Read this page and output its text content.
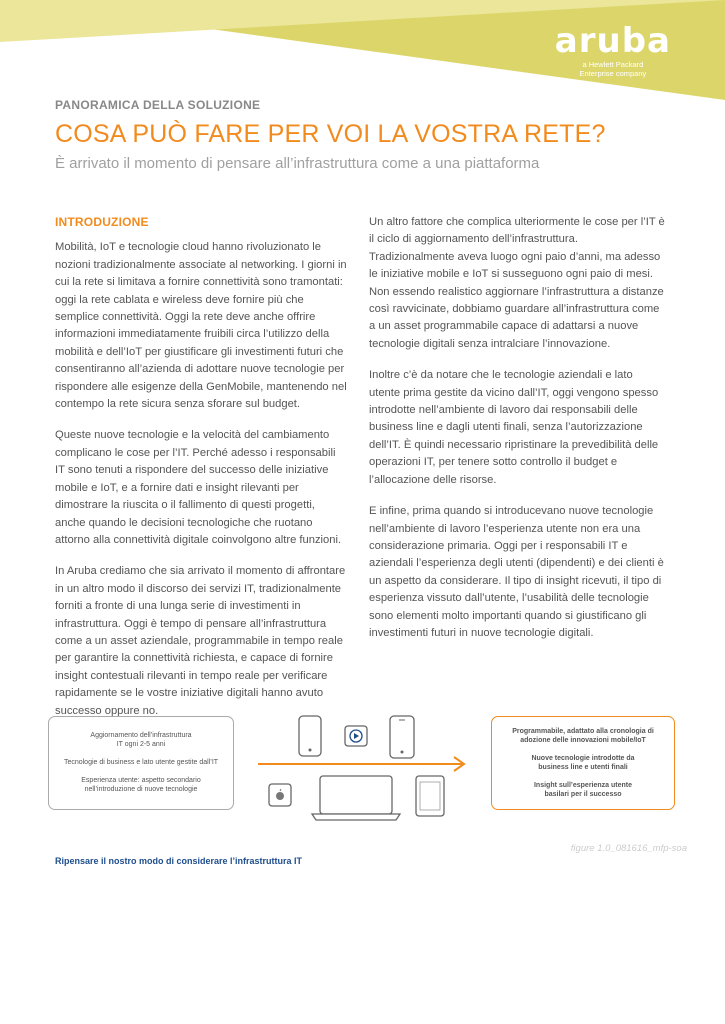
aruba
a Hewlett Packard
Enterprise company
PANORAMICA DELLA SOLUZIONE
COSA PUÒ FARE PER VOI LA VOSTRA RETE?
È arrivato il momento di pensare all’infrastruttura come a una piattaforma
INTRODUZIONE

Mobilità, IoT e tecnologie cloud hanno rivoluzionato le nozioni tradizionalmente associate al networking. I giorni in cui la rete si limitava a fornire connettività sono tramontati: oggi la rete cablata e wireless deve fornire più che semplice connettività. Oggi la rete deve anche offrire informazioni immediatamente fruibili circa l’utilizzo della mobilità e dell’IoT per giustificare gli investimenti futuri che consentiranno all’azienda di adottare nuove tecnologie per rispondere alle esigenze della GenMobile, mantenendo nel contempo la rete sicura senza sforare sul budget.

Queste nuove tecnologie e la velocità del cambiamento complicano le cose per l’IT. Perché adesso i responsabili IT sono tenuti a rispondere del successo delle iniziative mobile e IoT, e a fornire dati e insight rilevanti per dimostrare la riuscita o il fallimento di questi progetti, anche quando le decisioni tecnologiche che ruotano attorno alla connettività digitale coinvolgono altre funzioni.

In Aruba crediamo che sia arrivato il momento di affrontare in un altro modo il discorso dei servizi IT, tradizionalmente forniti a fronte di una lunga serie di investimenti in infrastruttura. Oggi è tempo di pensare all’infrastruttura come a un asset aziendale, programmabile in tempo reale per garantire la connettività richiesta, e capace di fornire insight contestuali rilevanti in tempo reale per verificare rapidamente se le vostre iniziative digitali hanno avuto successo oppure no.

Un altro fattore che complica ulteriormente le cose per l’IT è il ciclo di aggiornamento dell’infrastruttura. Tradizionalmente aveva luogo ogni paio d’anni, ma adesso le iniziative mobile e IoT si susseguono ogni paio di mesi. Non essendo realistico aggiornare l’infrastruttura a distanze così ravvicinate, dobbiamo guardare all’infrastruttura come a un asset programmabile capace di adattarsi a nuove tecnologie digitali senza intralciare l’innovazione.

Inoltre c’è da notare che le tecnologie aziendali e lato utente prima gestite da vicino dall’IT, oggi vengono spesso introdotte nell’ambiente di lavoro dai responsabili delle business line e dagli utenti finali, senza l’autorizzazione dell’IT. È quindi necessario ripristinare la prevedibilità delle operazioni IT, per tenere sotto controllo il budget e l’allocazione delle risorse.

E infine, prima quando si introducevano nuove tecnologie nell’ambiente di lavoro l’esperienza utente non era una considerazione primaria. Oggi per i responsabili IT e aziendali l’esperienza degli utenti (dipendenti) e dei clienti è un aspetto da considerare. Il tipo di insight ricevuti, il tipo di esperienza vissuto dall’utente, l’usabilità delle tecnologie sono elementi molto importanti quando si giustificano gli investimenti futuri in nuove tecnologie digitali.

Aggiornamento dell’infrastruttura IT ogni 2-5 anni

Tecnologie di business e lato utente gestite dall’IT

Esperienza utente: aspetto secondario nell’introduzione di nuove tecnologie

Programmabile, adattato alla cronologia di adozione delle innovazioni mobile/IoT

Nuove tecnologie introdotte da business line e utenti finali

Insight sull’esperienza utente basilari per il successo

figure 1.0_081616_mfp-soa
Ripensare il nostro modo di considerare l’infrastruttura IT
